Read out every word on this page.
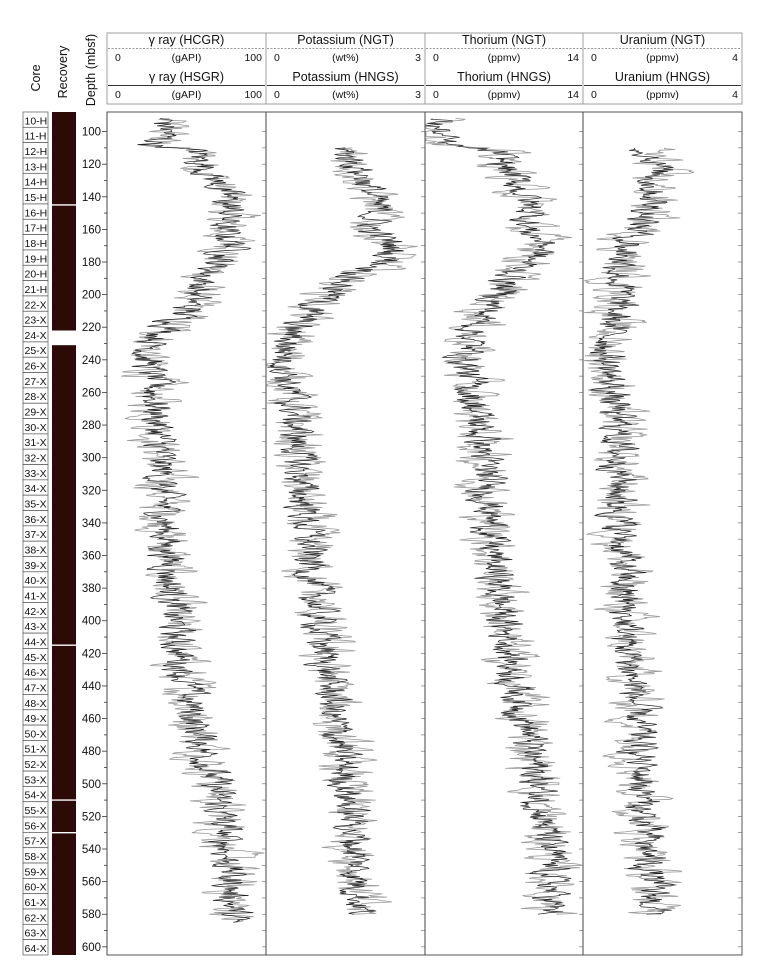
Core Recovery Depth (mbsf)	γ ray (HCGR)
(gAPI)
0	100
γ ray (HSGR)
(gAPI)
0	100
Potassium (NGT)
(wt%)
0	3
Potassium (HNGS)
(wt%)
0	3
Thorium (NGT)
(ppmv)
0	14
Thorium (HNGS)
(ppmv)
0	14
Uranium (NGT)
(ppmv)
0	4
Uranium (HNGS)
(ppmv)
0	4
10-H
11-H
12-H
13-H
14-H
15-H
16-H
17-H
18-H
19-H
20-H
21-H
22-X
23-X
24-X
25-X
26-X
27-X
28-X
29-X
30-X
31-X
32-X
33-X
34-X
35-X
36-X
37-X
38-X
39-X
40-X
41-X
42-X
43-X
44-X
45-X
46-X
47-X
48-X
49-X
50-X
51-X
52-X
53-X
54-X
55-X
56-X
57-X
58-X
59-X
60-X
61-X
62-X
63-X
64-X
100
120
140
160
180
200
220
240
260
280
300
320
340
360
380
400
420
440
460
480
500
520
540
560
580
600
